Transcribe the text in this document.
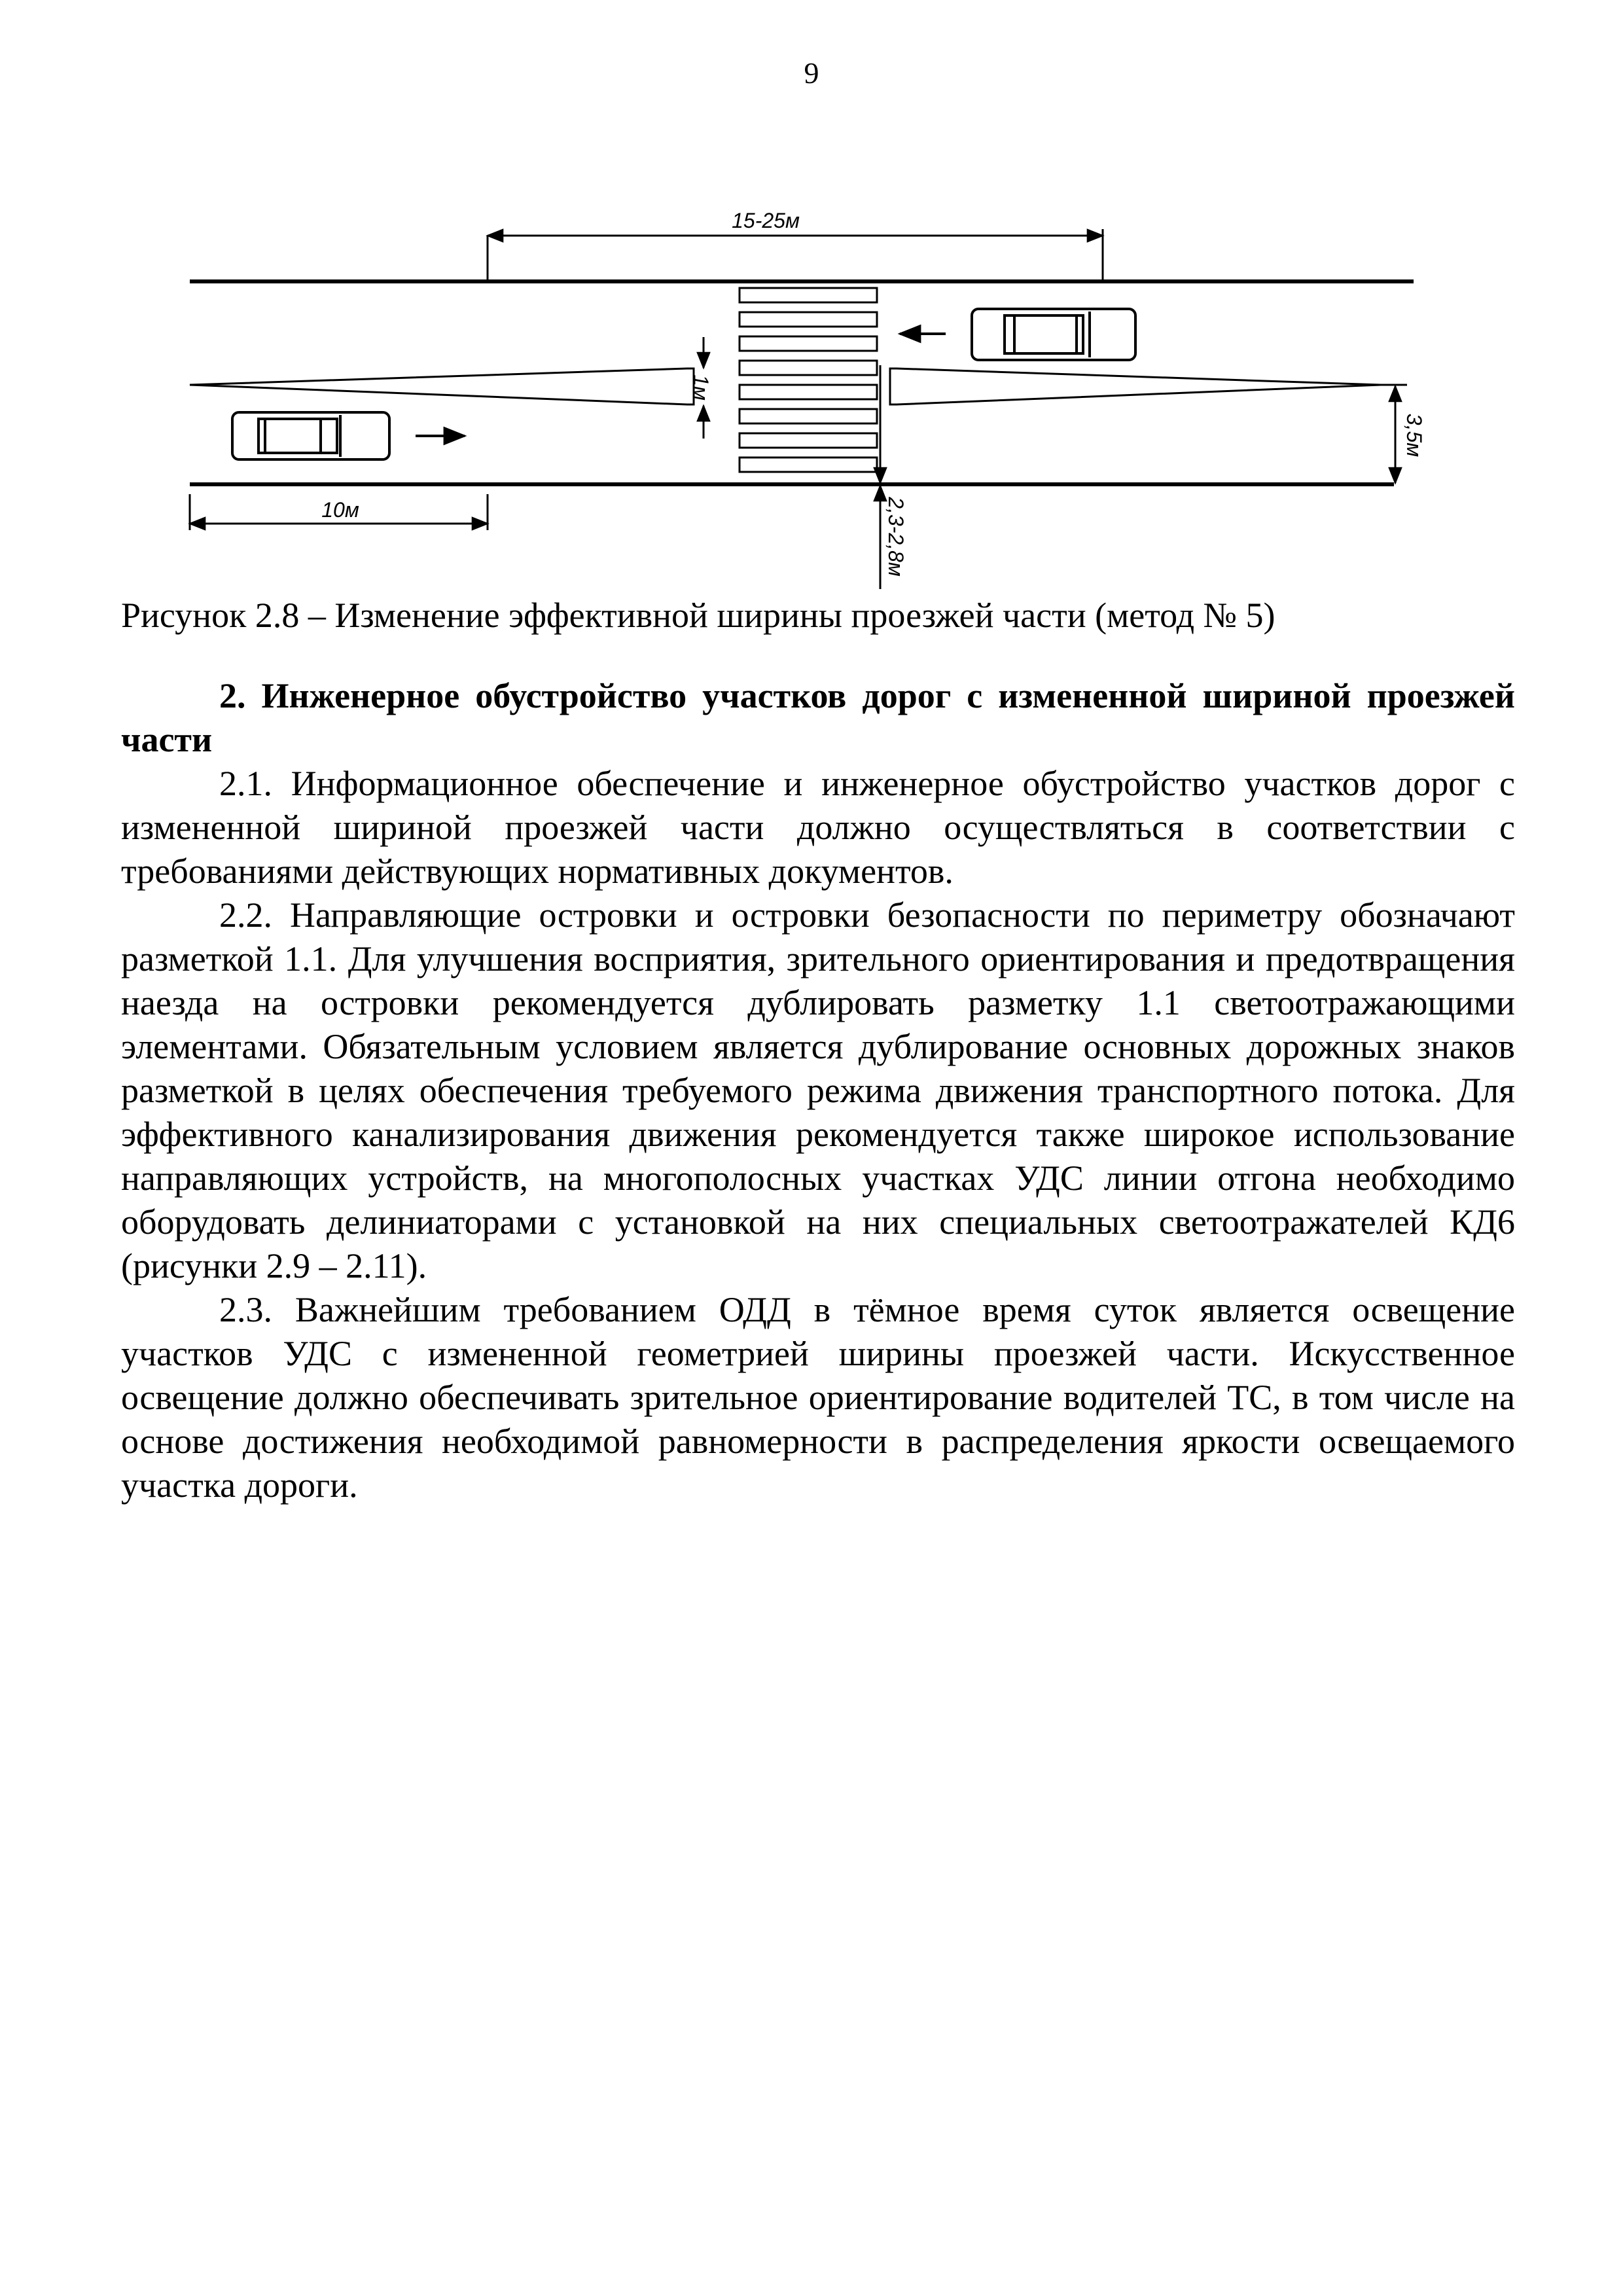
9
15-25м
10м
3,5м
1м
2,3-2,8м
Рисунок 2.8 – Изменение эффективной ширины проезжей части (метод № 5)

2. Инженерное обустройство участков дорог с измененной шириной проезжей части

2.1. Информационное обеспечение и инженерное обустройство участков дорог с измененной шириной проезжей части должно осуществляться в соответствии с требованиями действующих нормативных документов.

2.2. Направляющие островки и островки безопасности по периметру обозначают разметкой 1.1. Для улучшения восприятия, зрительного ориентирования и предотвращения наезда на островки рекомендуется дублировать разметку 1.1 светоотражающими элементами. Обязательным условием является дублирование основных дорожных знаков разметкой в целях обеспечения требуемого режима движения транспортного потока. Для эффективного канализирования движения рекомендуется также широкое использование направляющих устройств, на многополосных участках УДС линии отгона необходимо оборудовать делиниаторами с установкой на них специальных светоотражателей КД6 (рисунки 2.9 – 2.11).

2.3. Важнейшим требованием ОДД в тёмное время суток является освещение участков УДС с измененной геометрией ширины проезжей части. Искусственное освещение должно обеспечивать зрительное ориентирование водителей ТС, в том числе на основе достижения необходимой равномерности в распределения яркости освещаемого участка дороги.
